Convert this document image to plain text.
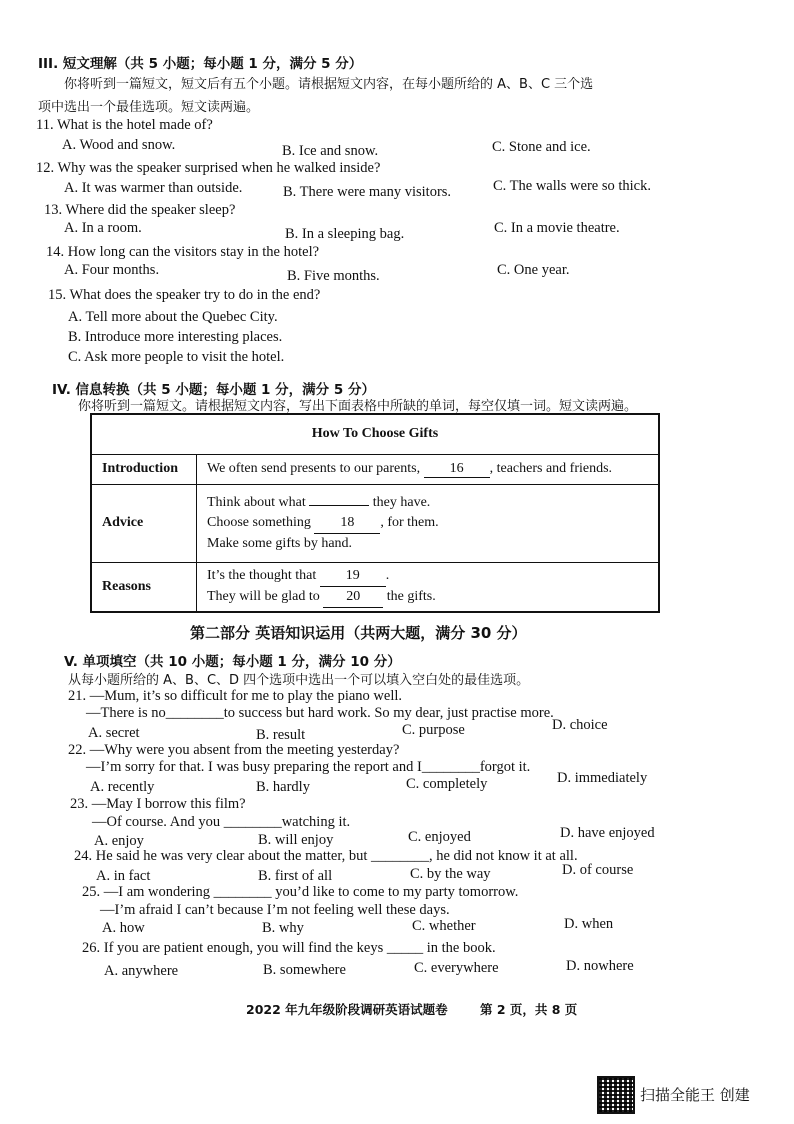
III. 短文理解（共 5 小题；每小题 1 分，满分 5 分）
你将听到一篇短文，短文后有五个小题。请根据短文内容，在每小题所给的 A、B、C 三个选
项中选出一个最佳选项。短文读两遍。
11. What is the hotel made of?
A. Wood and snow.	B. Ice and snow.	C. Stone and ice.
12. Why was the speaker surprised when he walked inside?
A. It was warmer than outside.	B. There were many visitors.	C. The walls were so thick.
13. Where did the speaker sleep?
A. In a room.	B. In a sleeping bag.	C. In a movie theatre.
14. How long can the visitors stay in the hotel?
A. Four months.	B. Five months.	C. One year.
15. What does the speaker try to do in the end?
A. Tell more about the Quebec City.
B. Introduce more interesting places.
C. Ask more people to visit the hotel.
IV. 信息转换（共 5 小题；每小题 1 分，满分 5 分）
你将听到一篇短文。请根据短文内容，写出下面表格中所缺的单词，每空仅填一词。短文读两遍。
How To Choose Gifts	
Introduction	We often send presents to our parents, 16 , teachers and friends.
Advice	Think about what they have.
Choose something 18 , for them.
Make some gifts by hand.

Reasons	It’s the thought that 19 .
They will be glad to 20 the gifts.
第二部分 英语知识运用（共两大题，满分 30 分）
V. 单项填空（共 10 小题；每小题 1 分，满分 10 分）
从每小题所给的 A、B、C、D 四个选项中选出一个可以填入空白处的最佳选项。
21. —Mum, it’s so difficult for me to play the piano well.
—There is no________to success but hard work. So my dear, just practise more.
A. secret	B. result	C. purpose	D. choice
22. —Why were you absent from the meeting yesterday?
—I’m sorry for that. I was busy preparing the report and I________forgot it.
A. recently	B. hardly	C. completely	D. immediately
23. —May I borrow this film?
—Of course. And you ________watching it.
A. enjoy	B. will enjoy	C. enjoyed	D. have enjoyed
24. He said he was very clear about the matter, but ________, he did not know it at all.
A. in fact	B. first of all	C. by the way	D. of course
25. —I am wondering ________ you’d like to come to my party tomorrow.
—I’m afraid I can’t because I’m not feeling well these days.
A. how	B. why	C. whether	D. when
26. If you are patient enough, you will find the keys _____ in the book.
A. anywhere	B. somewhere	C. everywhere	D. nowhere
2022 年九年级阶段调研英语试题卷	第 2 页，共 8 页
扫描全能王 创建
